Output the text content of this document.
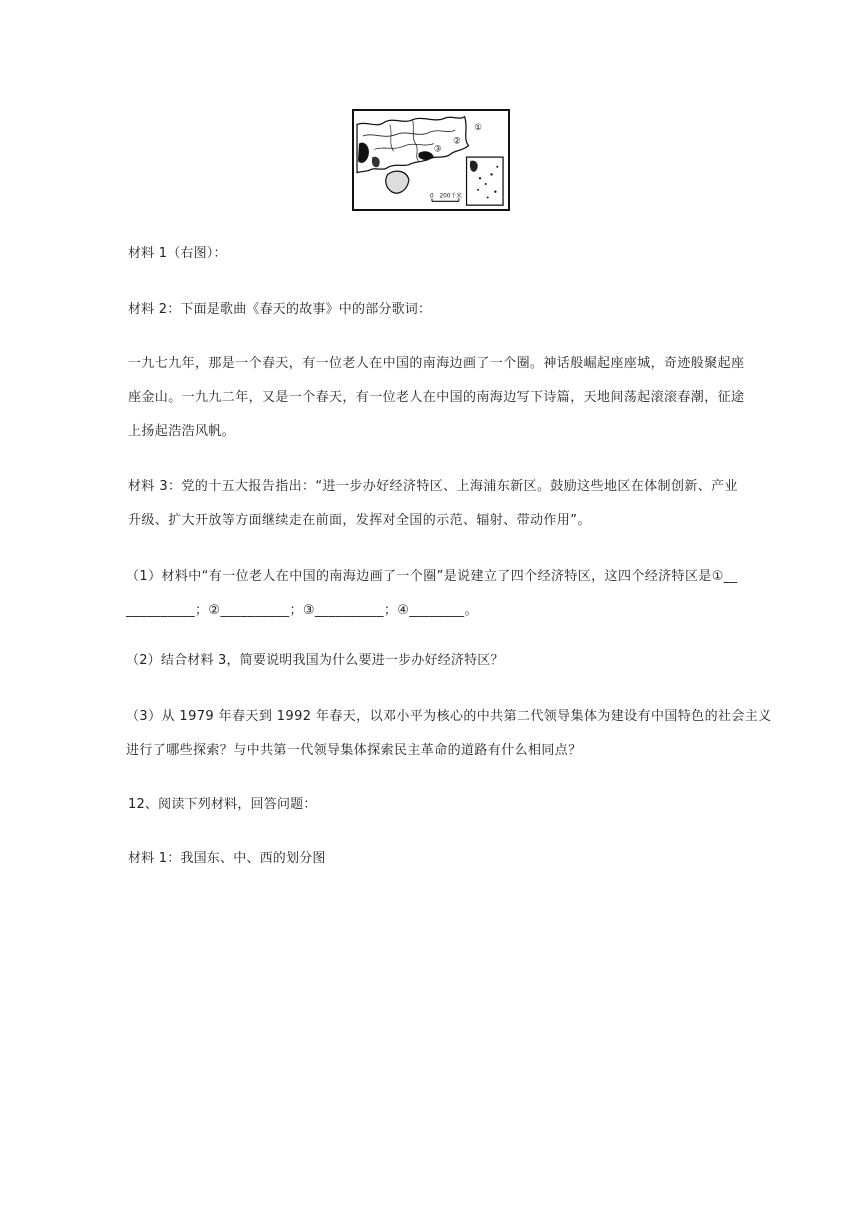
0　200千米
①
②
③
④
材料 1（右图）：
材料 2：下面是歌曲《春天的故事》中的部分歌词：
一九七九年，那是一个春天，有一位老人在中国的南海边画了一个圈。神话般崛起座座城，奇迹般聚起座
座金山。一九九二年，又是一个春天，有一位老人在中国的南海边写下诗篇，天地间荡起滚滚春潮，征途
上扬起浩浩风帆。
材料 3：党的十五大报告指出：“进一步办好经济特区、上海浦东新区。鼓励这些地区在体制创新、产业
升级、扩大开放等方面继续走在前面，发挥对全国的示范、辐射、带动作用”。
（1）材料中“有一位老人在中国的南海边画了一个圈”是说建立了四个经济特区，这四个经济特区是①__
__________；②__________；③__________；④________。
（2）结合材料 3，简要说明我国为什么要进一步办好经济特区？
（3）从 1979 年春天到 1992 年春天，以邓小平为核心的中共第二代领导集体为建设有中国特色的社会主义
进行了哪些探索？与中共第一代领导集体探索民主革命的道路有什么相同点？
12、阅读下列材料，回答问题：
材料 1：我国东、中、西的划分图
